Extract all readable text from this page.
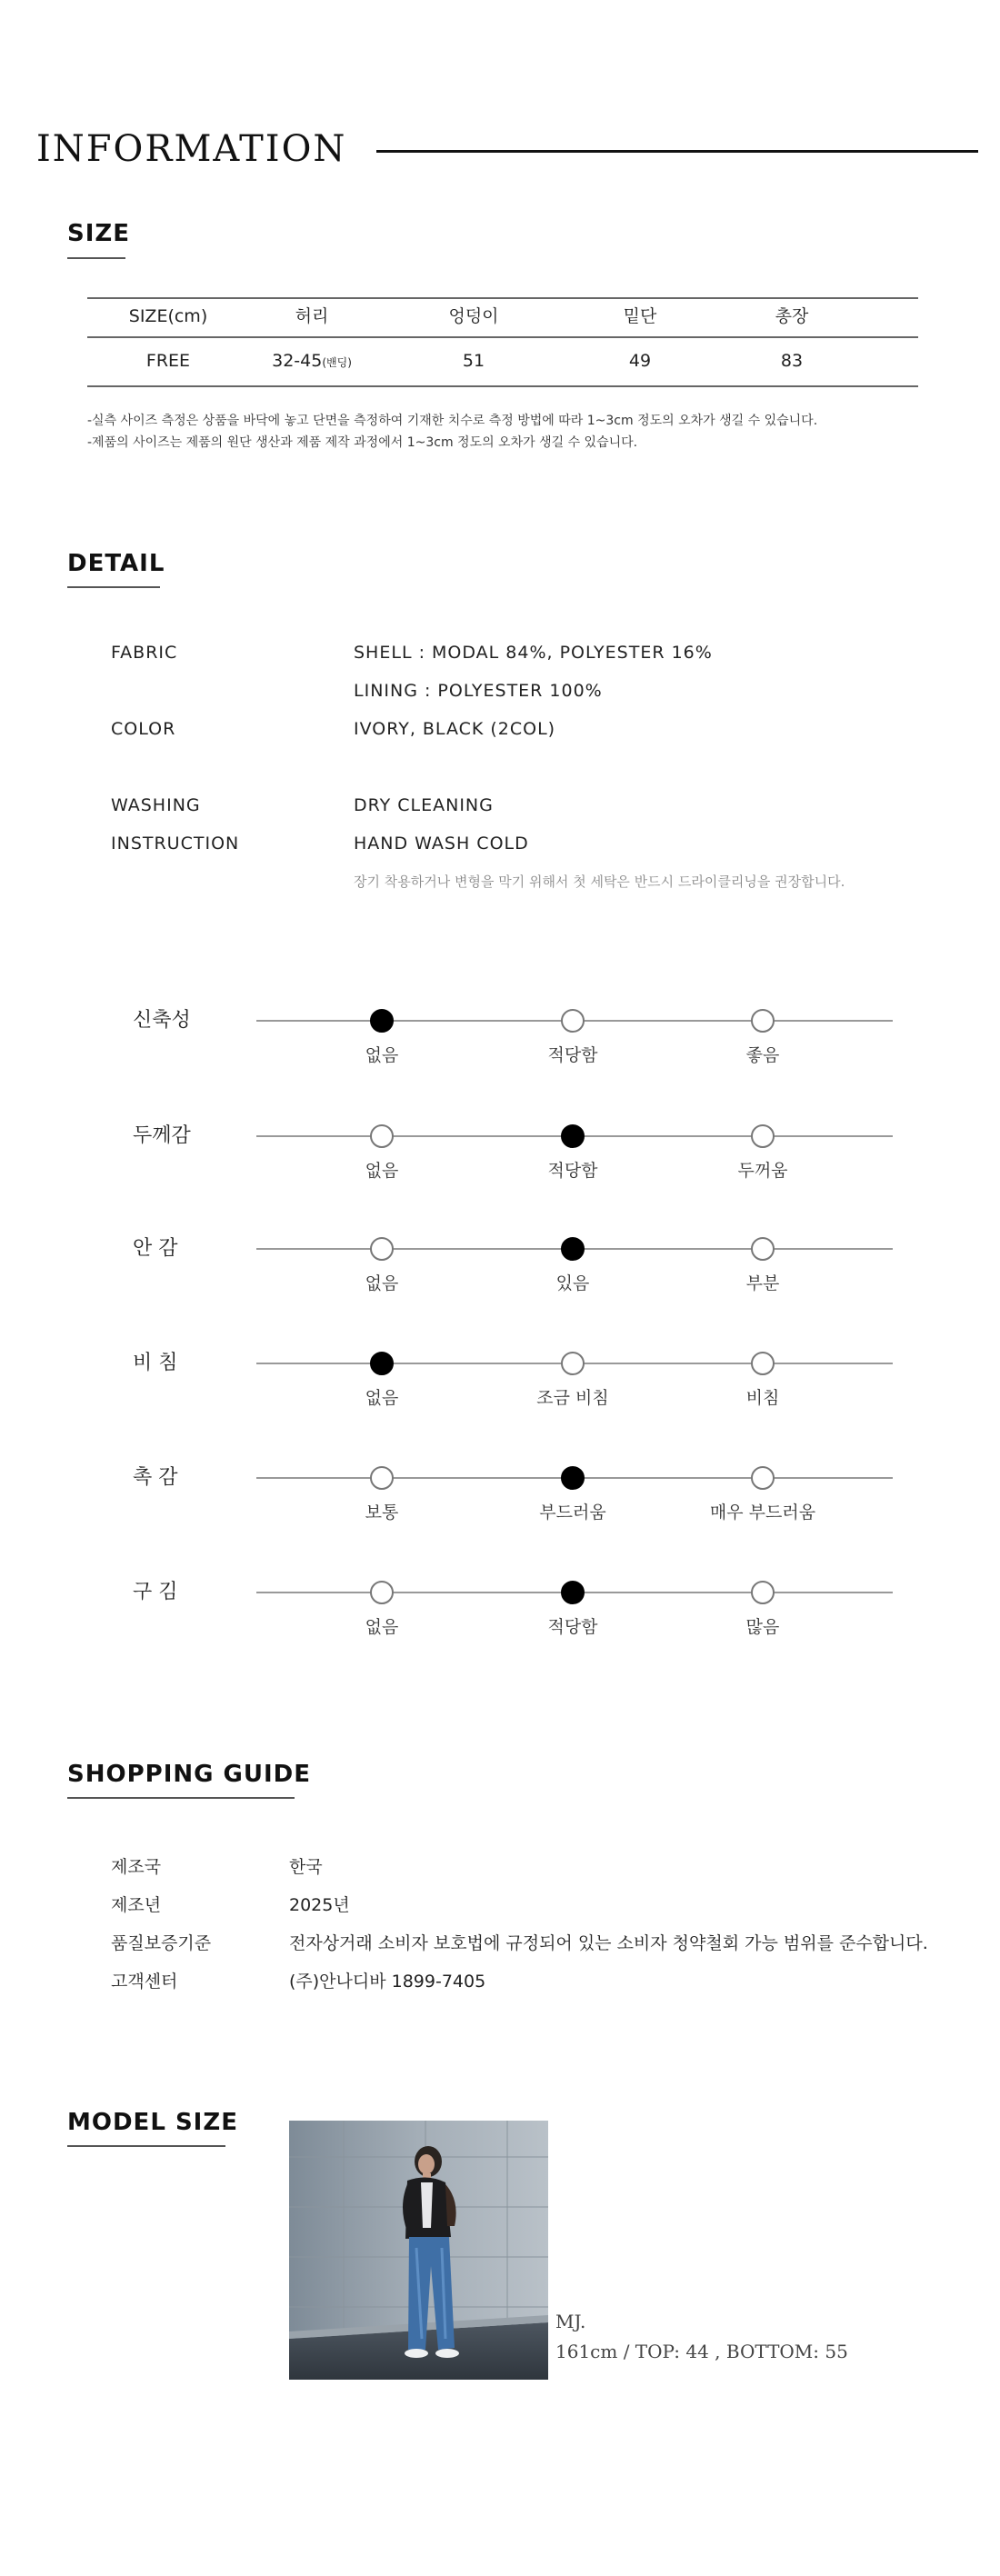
INFORMATION
SIZE
SIZE(cm)	허리	엉덩이	밑단	총장
FREE	32-45(밴딩)	51	49	83
-실측 사이즈 측정은 상품을 바닥에 놓고 단면을 측정하여 기재한 치수로 측정 방법에 따라 1~3cm 정도의 오차가 생길 수 있습니다.
-제품의 사이즈는 제품의 원단 생산과 제품 제작 과정에서 1~3cm 정도의 오차가 생길 수 있습니다.
DETAIL
FABRIC	SHELL : MODAL 84%, POLYESTER 16%
LINING : POLYESTER 100%
COLOR	IVORY, BLACK (2COL)
WASHING	DRY CLEANING
INSTRUCTION	HAND WASH COLD
장기 착용하거나 변형을 막기 위해서 첫 세탁은 반드시 드라이클리닝을 권장합니다.
신축성
없음	적당함	좋음
두께감
없음	적당함	두꺼움
안 감
없음	있음	부분
비 침
없음	조금 비침	비침
촉 감
보통	부드러움	매우 부드러움
구 김
없음	적당함	많음
SHOPPING GUIDE
제조국	한국
제조년	2025년
품질보증기준	전자상거래 소비자 보호법에 규정되어 있는 소비자 청약철회 가능 범위를 준수합니다.
고객센터	(주)안나디바 1899-7405
MODEL SIZE
MJ.
161cm / TOP: 44 , BOTTOM: 55
